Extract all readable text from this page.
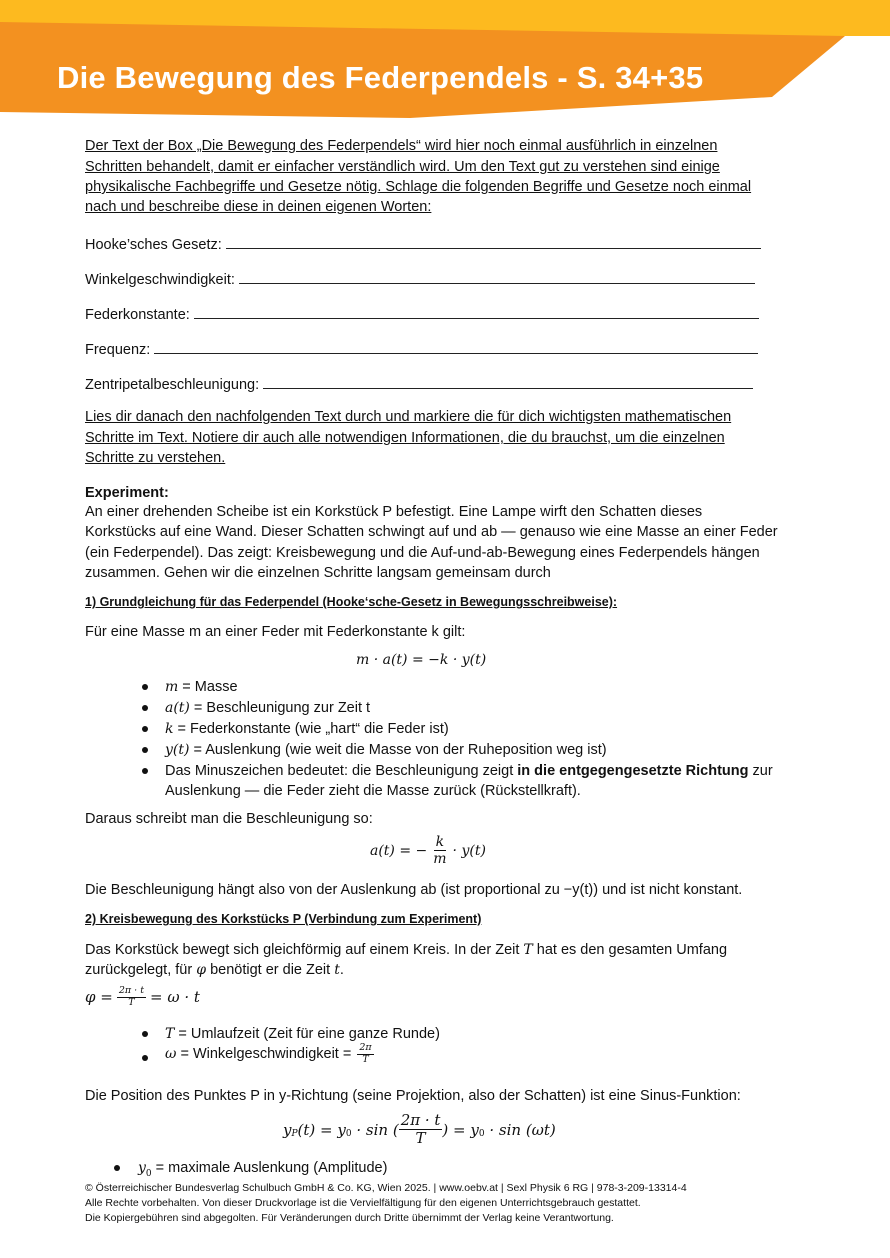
Die Bewegung des Federpendels - S. 34+35
Der Text der Box „Die Bewegung des Federpendels“ wird hier noch einmal ausführlich in einzelnen
Schritten behandelt, damit er einfacher verständlich wird. Um den Text gut zu verstehen sind einige
physikalische Fachbegriffe und Gesetze nötig. Schlage die folgenden Begriffe und Gesetze noch einmal
nach und beschreibe diese in deinen eigenen Worten:
Hooke’sches Gesetz:
Winkelgeschwindigkeit:
Federkonstante:
Frequenz:
Zentripetalbeschleunigung:
Lies dir danach den nachfolgenden Text durch und markiere die für dich wichtigsten mathematischen
Schritte im Text. Notiere dir auch alle notwendigen Informationen, die du brauchst, um die einzelnen
Schritte zu verstehen.
Experiment:
An einer drehenden Scheibe ist ein Korkstück P befestigt. Eine Lampe wirft den Schatten dieses
Korkstücks auf eine Wand. Dieser Schatten schwingt auf und ab — genauso wie eine Masse an einer Feder
(ein Federpendel). Das zeigt: Kreisbewegung und die Auf-und-ab-Bewegung eines Federpendels hängen
zusammen. Gehen wir die einzelnen Schritte langsam gemeinsam durch
1) Grundgleichung für das Federpendel (Hooke‘sche-Gesetz in Bewegungsschreibweise):
Für eine Masse m an einer Feder mit Federkonstante k gilt:
m · a(t) = −k · y(t)
m = Masse
a(t) = Beschleunigung zur Zeit t
k = Federkonstante (wie „hart“ die Feder ist)
y(t) = Auslenkung (wie weit die Masse von der Ruheposition weg ist)
Das Minuszeichen bedeutet: die Beschleunigung zeigt in die entgegengesetzte Richtung zur
Auslenkung — die Feder zieht die Masse zurück (Rückstellkraft).
Daraus schreibt man die Beschleunigung so:
a(t) = − $\frac{k}{m} \cdot y(t)$
Die Beschleunigung hängt also von der Auslenkung ab (ist proportional zu −y(t)) und ist nicht konstant.
2) Kreisbewegung des Korkstücks P (Verbindung zum Experiment)
Das Korkstück bewegt sich gleichförmig auf einem Kreis. In der Zeit T hat es den gesamten Umfang
zurückgelegt, für φ benötigt er die Zeit t.
$\varphi = \frac{2\pi \cdot t}{T} = \omega \cdot t$
T = Umlaufzeit (Zeit für eine ganze Runde)
ω = Winkelgeschwindigkeit = $\frac{2\pi}{T}$
Die Position des Punktes P in y-Richtung (seine Projektion, also der Schatten) ist eine Sinus-Funktion:
$y_P$ $(t) = y_0 \cdot \sin$ ( $\frac{2\pi \cdot t}{T}$ ) = $y_0 \cdot \sin (\omega t)$
$y_0$ = maximale Auslenkung (Amplitude)
© Österreichischer Bundesverlag Schulbuch GmbH & Co. KG, Wien 2025. | www.oebv.at | Sexl Physik 6 RG | 978-3-209-13314-4
Alle Rechte vorbehalten. Von dieser Druckvorlage ist die Vervielfältigung für den eigenen Unterrichtsgebrauch gestattet.
Die Kopiergebühren sind abgegolten. Für Veränderungen durch Dritte übernimmt der Verlag keine Verantwortung.
